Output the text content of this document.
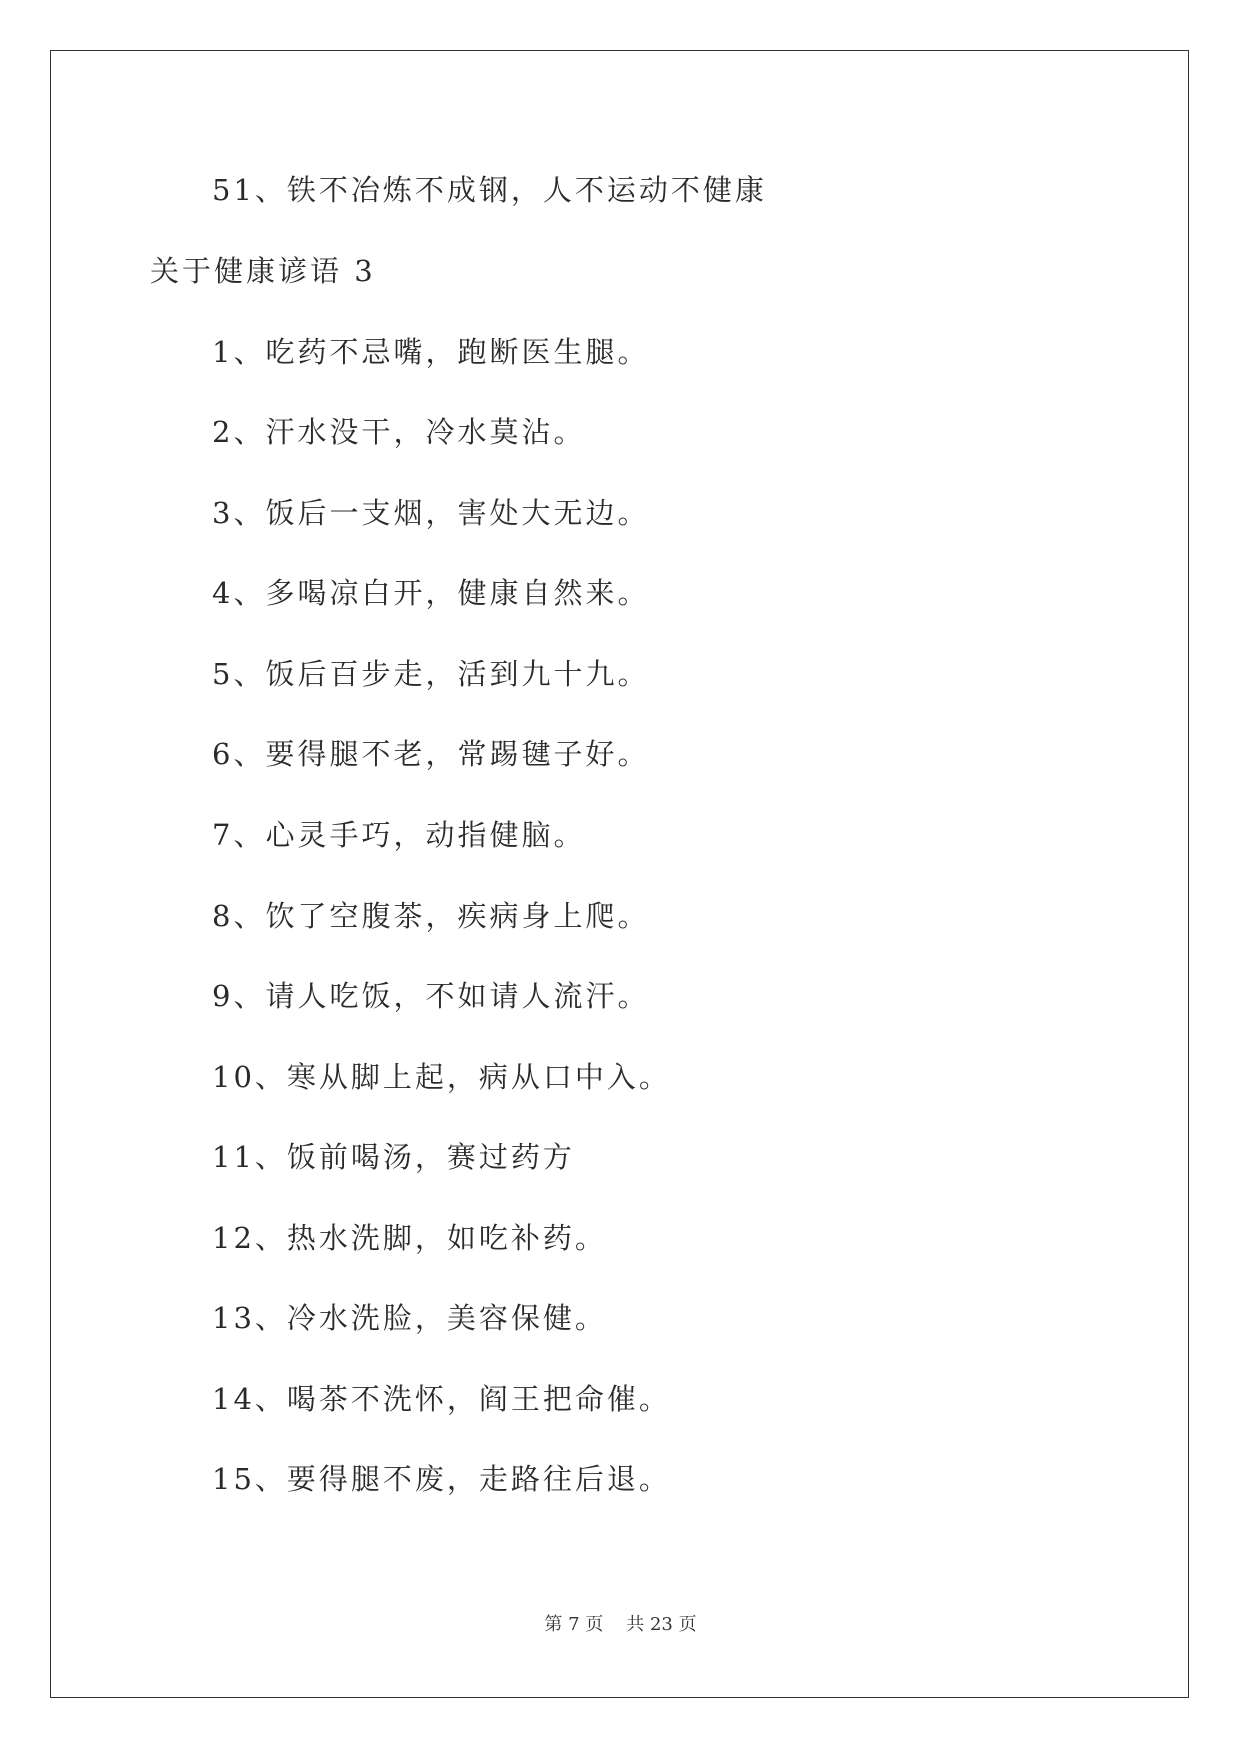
51、铁不冶炼不成钢，人不运动不健康
关于健康谚语 3
1、吃药不忌嘴，跑断医生腿。
2、汗水没干，冷水莫沾。
3、饭后一支烟，害处大无边。
4、多喝凉白开，健康自然来。
5、饭后百步走，活到九十九。
6、要得腿不老，常踢毽子好。
7、心灵手巧，动指健脑。
8、饮了空腹茶，疾病身上爬。
9、请人吃饭，不如请人流汗。
10、寒从脚上起，病从口中入。
11、饭前喝汤，赛过药方
12、热水洗脚，如吃补药。
13、冷水洗脸，美容保健。
14、喝茶不洗怀，阎王把命催。
15、要得腿不废，走路往后退。
第 7 页 共 23 页
